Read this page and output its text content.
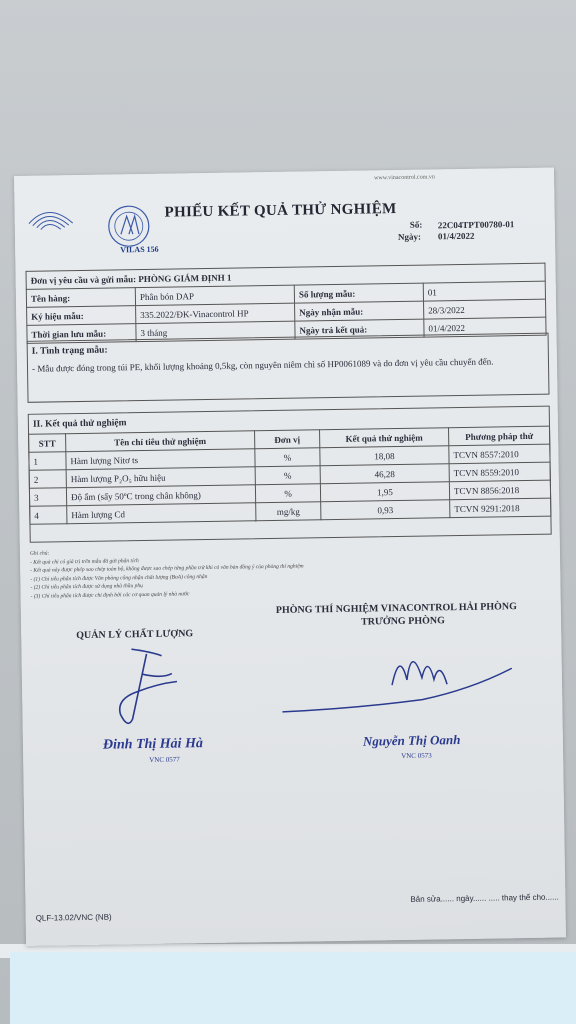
www.vinacontrol.com.vn
VILAS 156
PHIẾU KẾT QUẢ THỬ NGHIỆM
Số: 22C04TPT00780-01
Ngày: 01/4/2022
Đơn vị yêu cầu và gửi mẫu: PHÒNG GIÁM ĐỊNH 1			
Tên hàng:	Phân bón DAP	Số lượng mẫu:	01
Ký hiệu mẫu:	335.2022/ĐK-Vinacontrol HP	Ngày nhận mẫu:	28/3/2022
Thời gian lưu mẫu:	3 tháng	Ngày trả kết quả:	01/4/2022
I. Tình trạng mẫu:
- Mẫu được đóng trong túi PE, khối lượng khoảng 0,5kg, còn nguyên niêm chì số HP0061089 và do đơn vị yêu cầu chuyển đến.
II. Kết quả thử nghiệm
STT	Tên chỉ tiêu thử nghiệm	Đơn vị	Kết quả thử nghiệm	Phương pháp thử
1	Hàm lượng Nitơ ts	%	18,08	TCVN 8557:2010
2	Hàm lượng P₂O₅ hữu hiệu	%	46,28	TCVN 8559:2010
3	Độ ẩm (sấy 50ºC trong chân không)	%	1,95	TCVN 8856:2018
4	Hàm lượng Cd	mg/kg	0,93	TCVN 9291:2018
Ghi chú:
- Kết quả chỉ có giá trị trên mẫu đã gửi phân tích
- Kết quả này được phép sao chép toàn bộ, không được sao chép từng phần trừ khi có văn bản đồng ý của phòng thí nghiệm
- (1) Chỉ tiêu phân tích được Văn phòng công nhận chất lượng (BoA) công nhận
- (2) Chỉ tiêu phân tích được sử dụng nhà thầu phụ
- (3) Chỉ tiêu phân tích được chỉ định bởi các cơ quan quản lý nhà nước
PHÒNG THÍ NGHIỆM VINACONTROL HẢI PHÒNG
TRƯỞNG PHÒNG
QUẢN LÝ CHẤT LƯỢNG
Đinh Thị Hải Hà
VNC 0577
Nguyễn Thị Oanh
VNC 0573
Bản sửa...... ngày...... ..... thay thế cho......
QLF-13.02/VNC (NB)
